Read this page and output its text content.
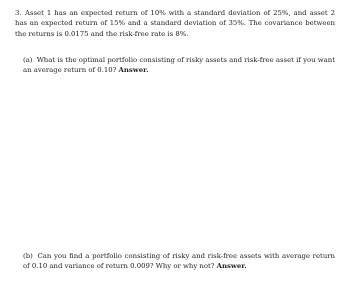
3. Asset 1 has an expected return of 10% with a standard deviation of 25%, and asset 2 has an expected return of 15% and a standard deviation of 35%. The covariance between the returns is 0.0175 and the risk-free rate is 8%.
(a) What is the optimal portfolio consisting of risky assets and risk-free asset if you want an average return of 0.10? Answer.
(b) Can you find a portfolio consisting of risky and risk-free assets with average return of 0.10 and variance of return 0.009? Why or why not? Answer.
